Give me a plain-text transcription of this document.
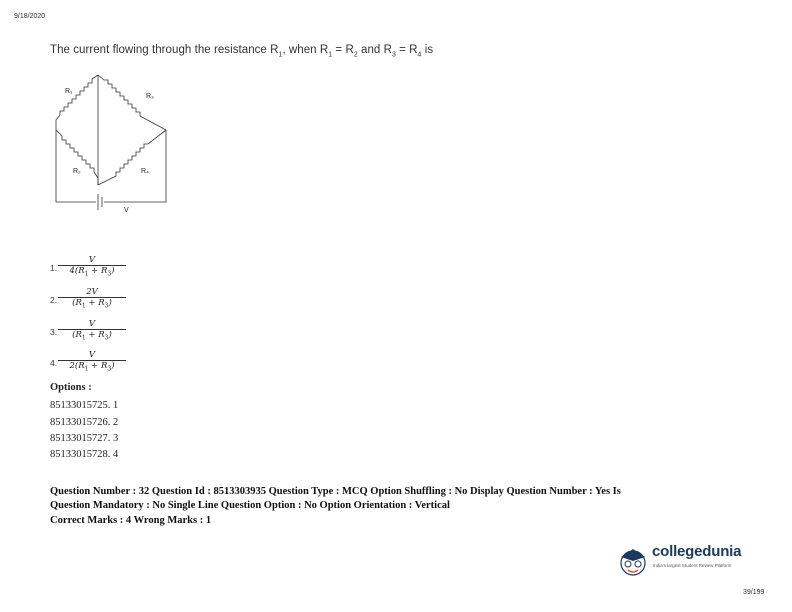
9/18/2020
The current flowing through the resistance $R_1$, when $R_1 = R_2$ and $R_3 = R_4$ is
R₁
R₃
R₂	R₄
V
1.
V
$4(R_1 + R_3)$
2.
2V
$(R_1 + R_3)$
3.
V
$(R_1 + R_3)$
4.
V
$2(R_1 + R_3)$
Options :
85133015725. 1
85133015726. 2
85133015727. 3
85133015728. 4
Question Number : 32 Question Id : 8513303935 Question Type : MCQ Option Shuffling : No Display Question Number : Yes Is
Question Mandatory : No Single Line Question Option : No Option Orientation : Vertical
Correct Marks : 4 Wrong Marks : 1
collegedunia
India's largest Student Review Platform
39/199
